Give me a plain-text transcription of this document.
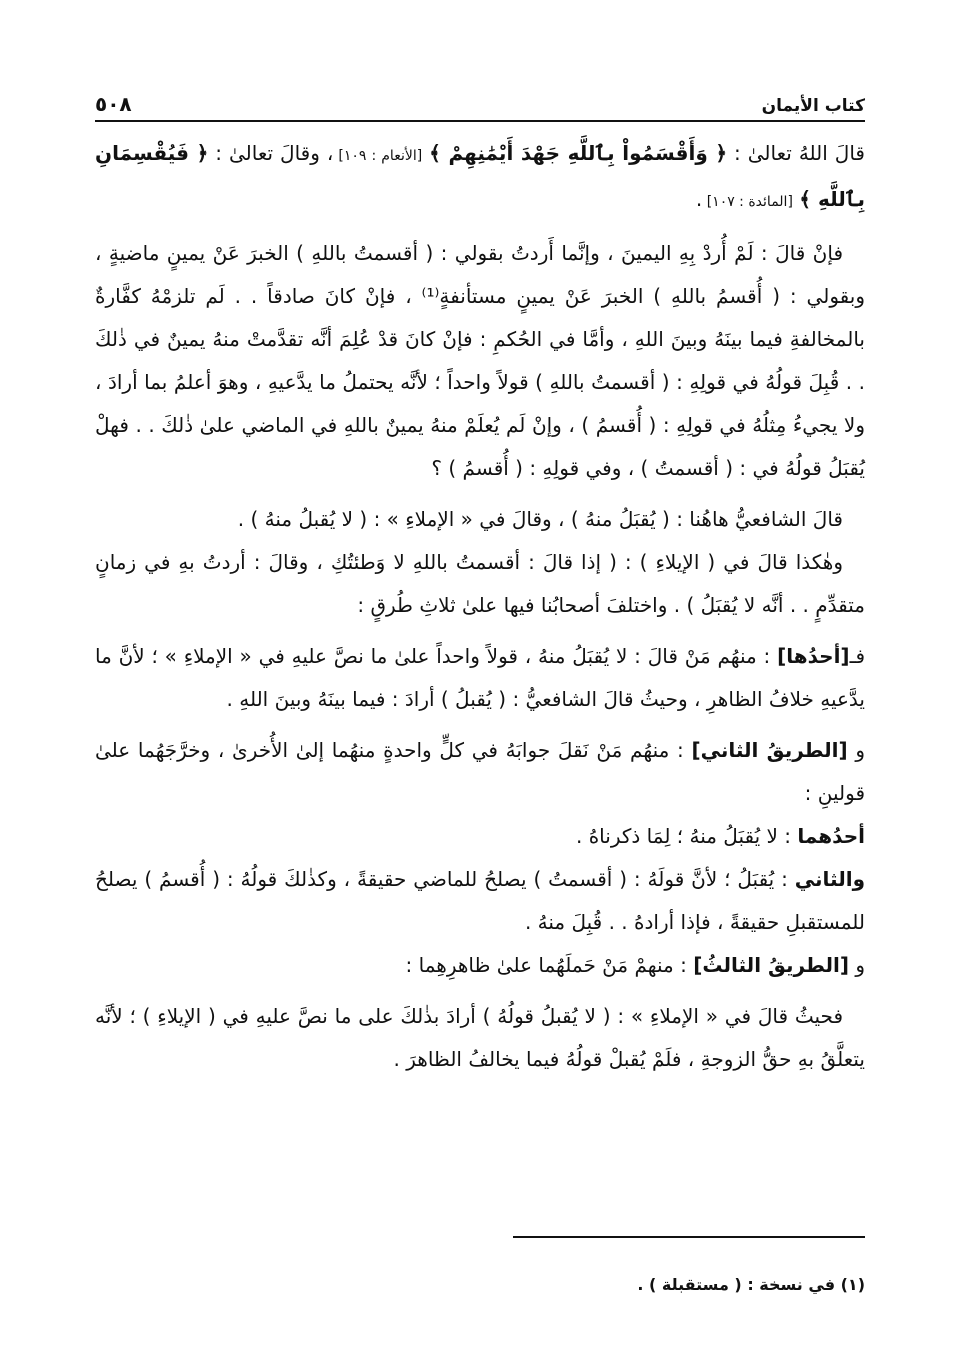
كتاب الأيمان
٥٠٨

قالَ اللهُ تعالىٰ : ﴿ وَأَقْسَمُواْ بِٱللَّهِ جَهْدَ أَيْمَٰنِهِمْ ﴾ [الأنعام : ١٠٩] ، وقالَ تعالىٰ : ﴿ فَيُقْسِمَانِ بِٱللَّهِ ﴾ [المائدة : ١٠٧] .

فإنْ قالَ : لَمْ أُردْ بِهِ اليمينَ ، وإنَّما أَردتُ بقولي : ( أقسمتُ باللهِ ) الخبرَ عَنْ يمينٍ ماضيةٍ ، وبقولي : ( أُقسمُ باللهِ ) الخبرَ عَنْ يمينٍ مستأنفةٍ⁽¹⁾ ، فإنْ كانَ صادقاً . . لَم تلزمْهُ كفَّارةٌ بالمخالفةِ فيما بينَهُ وبينَ اللهِ ، وأمَّا في الحُكمِ : فإنْ كانَ قدْ عُلِمَ أنَّه تقدَّمتْ منهُ يمينٌ في ذٰلكَ . . قُبِلَ قولُهُ في قولِهِ : ( أقسمتُ باللهِ ) قولاً واحداً ؛ لأنَّه يحتملُ ما يدَّعيهِ ، وهوَ أعلمُ بما أرادَ ، ولا يجيءُ مِثلُهُ في قولِهِ : ( أُقسمُ ) ، وإنْ لَم يُعلَمْ منهُ يمينٌ باللهِ في الماضي علىٰ ذٰلكَ . . فهلْ يُقبَلُ قولُهُ في : ( أقسمتُ ) ، وفي قولِهِ : ( أُقسمُ ) ؟

قالَ الشافعيُّ هاهُنا : ( يُقبَلُ منهُ ) ، وقالَ في « الإملاءِ » : ( لا يُقبلُ منهُ ) .

وهٰكذا قالَ في ( الإيلاءِ ) : ( إذا قالَ : أقسمتُ باللهِ لا وَطئتُكِ ، وقالَ : أردتُ بهِ في زمانٍ متقدِّمٍ . . أنَّه لا يُقبَلُ ) . واختلفَ أصحابُنا فيها علىٰ ثلاثِ طُرقٍ :

فـ[أحدُها] : منهُم مَنْ قالَ : لا يُقبَلُ منهُ ، قولاً واحداً علىٰ ما نصَّ عليهِ في « الإملاءِ » ؛ لأنَّ ما يدَّعيهِ خلافُ الظاهرِ ، وحيثُ قالَ الشافعيُّ : ( يُقبلُ ) أرادَ : فيما بينَهُ وبينَ اللهِ .

و [الطريقُ الثاني] : منهُم مَنْ نَقلَ جوابَهُ في كلٍّ واحدةٍ منهُما إلىٰ الأُخرىٰ ، وخرَّجَهُما علىٰ قولينِ :

أحدُهما : لا يُقبَلُ منهُ ؛ لِمَا ذكرناهُ .

والثاني : يُقبَلُ ؛ لأنَّ قولَهُ : ( أقسمتُ ) يصلحُ للماضي حقيقةً ، وكذٰلكَ قولُهُ : ( أُقسمُ ) يصلحُ للمستقبلِ حقيقةً ، فإذا أرادهُ . . قُبِلَ منهُ .

و [الطريقُ الثالثُ] : منهمْ مَنْ حَملَهُما علىٰ ظاهرِهِما :

فحيثُ قالَ في « الإملاءِ » : ( لا يُقبلُ قولُهُ ) أرادَ بذٰلكَ على ما نصَّ عليهِ في ( الإيلاءِ ) ؛ لأنَّه يتعلَّقُ بهِ حقُّ الزوجةِ ، فلَمْ يُقبلْ قولُهُ فيما يخالفُ الظاهرَ .

(١) في نسخة : ( مستقبلة ) .
